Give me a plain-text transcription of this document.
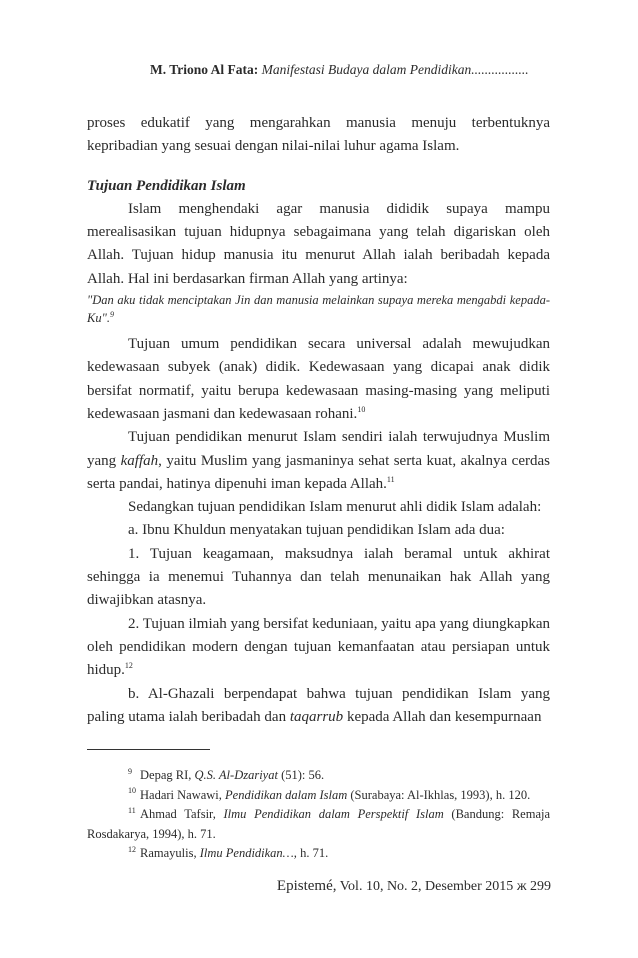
M. Triono Al Fata: Manifestasi Budaya dalam Pendidikan.................

proses edukatif yang mengarahkan manusia menuju terbentuknya kepribadian yang sesuai dengan nilai-nilai luhur agama Islam.

Tujuan Pendidikan Islam

Islam menghendaki agar manusia dididik supaya mampu merealisasikan tujuan hidupnya sebagaimana yang telah digariskan oleh Allah. Tujuan hidup manusia itu menurut Allah ialah beribadah kepada Allah. Hal ini berdasarkan firman Allah yang artinya:

"Dan aku tidak menciptakan Jin dan manusia melainkan supaya mereka mengabdi kepada-Ku".$^9$

Tujuan umum pendidikan secara universal adalah mewujudkan kedewasaan subyek (anak) didik. Kedewasaan yang dicapai anak didik bersifat normatif, yaitu berupa kedewasaan masing-masing yang meliputi kedewasaan jasmani dan kedewasaan rohani.$^{10}$

Tujuan pendidikan menurut Islam sendiri ialah terwujudnya Muslim yang kaffah, yaitu Muslim yang jasmaninya sehat serta kuat, akalnya cerdas serta pandai, hatinya dipenuhi iman kepada Allah.$^{11}$

Sedangkan tujuan pendidikan Islam menurut ahli didik Islam adalah:

a. Ibnu Khuldun menyatakan tujuan pendidikan Islam ada dua:

1. Tujuan keagamaan, maksudnya ialah beramal untuk akhirat sehingga ia menemui Tuhannya dan telah menunaikan hak Allah yang diwajibkan atasnya.

2. Tujuan ilmiah yang bersifat keduniaan, yaitu apa yang diungkapkan oleh pendidikan modern dengan tujuan kemanfaatan atau persiapan untuk hidup.$^{12}$

b. Al-Ghazali berpendapat bahwa tujuan pendidikan Islam yang paling utama ialah beribadah dan taqarrub kepada Allah dan kesempurnaan

9 Depag RI, Q.S. Al-Dzariyat (51): 56.
10 Hadari Nawawi, Pendidikan dalam Islam (Surabaya: Al-Ikhlas, 1993), h. 120.
11 Ahmad Tafsir, Ilmu Pendidikan dalam Perspektif Islam (Bandung: Remaja Rosdakarya, 1994), h. 71.
12 Ramayulis, Ilmu Pendidikan…, h. 71.
Epistemé, Vol. 10, No. 2, Desember 2015 ж 299
